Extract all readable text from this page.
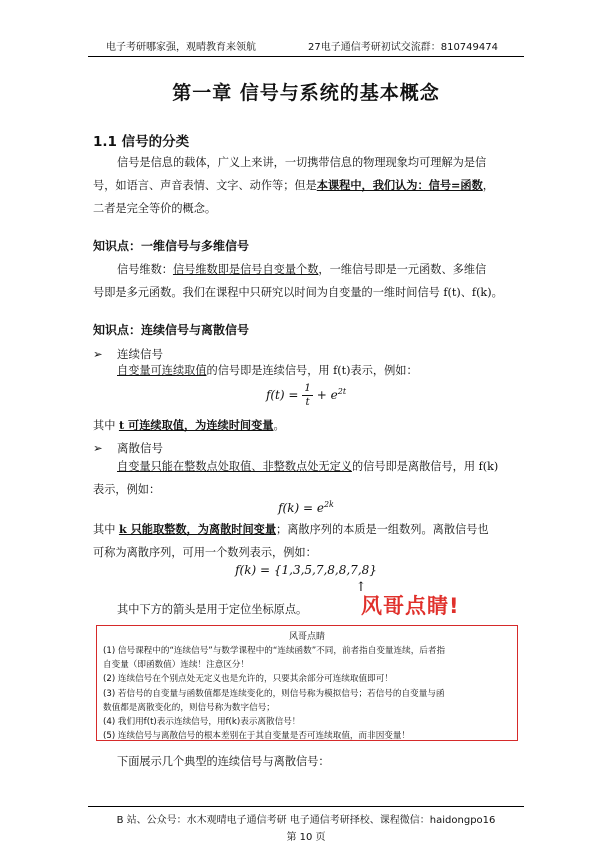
电子考研哪家强，观晴教育来领航	27电子通信考研初试交流群：810749474
第一章 信号与系统的基本概念
1.1 信号的分类
信号是信息的载体，广义上来讲，一切携带信息的物理现象均可理解为是信
号，如语言、声音表情、文字、动作等；但是本课程中，我们认为：信号=函数，
二者是完全等价的概念。
知识点：一维信号与多维信号
信号维数：信号维数即是信号自变量个数，一维信号即是一元函数、多维信
号即是多元函数。我们在课程中只研究以时间为自变量的一维时间信号 f(t)、f(k)。
知识点：连续信号与离散信号
➢ 连续信号
自变量可连续取值的信号即是连续信号，用 f(t)表示，例如：
$f(t) = \frac{1}{t} + e^{2t}$
其中 t 可连续取值，为连续时间变量。
➢ 离散信号
自变量只能在整数点处取值、非整数点处无定义的信号即是离散信号，用 f(k)
表示，例如：
$f(k) = e^{2k}$
其中 k 只能取整数，为离散时间变量；离散序列的本质是一组数列。离散信号也
可称为离散序列，可用一个数列表示，例如：
f(k) = {1,3,5,7,8,8,7,8}
↑
其中下方的箭头是用于定位坐标原点。	风哥点睛!
风哥点睛
(1) 信号课程中的“连续信号”与数学课程中的“连续函数”不同，前者指自变量连续，后者指
自变量（即函数值）连续！注意区分！
(2) 连续信号在个别点处无定义也是允许的，只要其余部分可连续取值即可！
(3) 若信号的自变量与函数值都是连续变化的，则信号称为模拟信号；若信号的自变量与函
数值都是离散变化的，则信号称为数字信号；
(4) 我们用f(t)表示连续信号，用f(k)表示离散信号！
(5) 连续信号与离散信号的根本差别在于其自变量是否可连续取值，而非因变量！
下面展示几个典型的连续信号与离散信号：
B 站、公众号：水木观晴电子通信考研 电子通信考研择校、课程微信：haidongpo16
第 10 页
